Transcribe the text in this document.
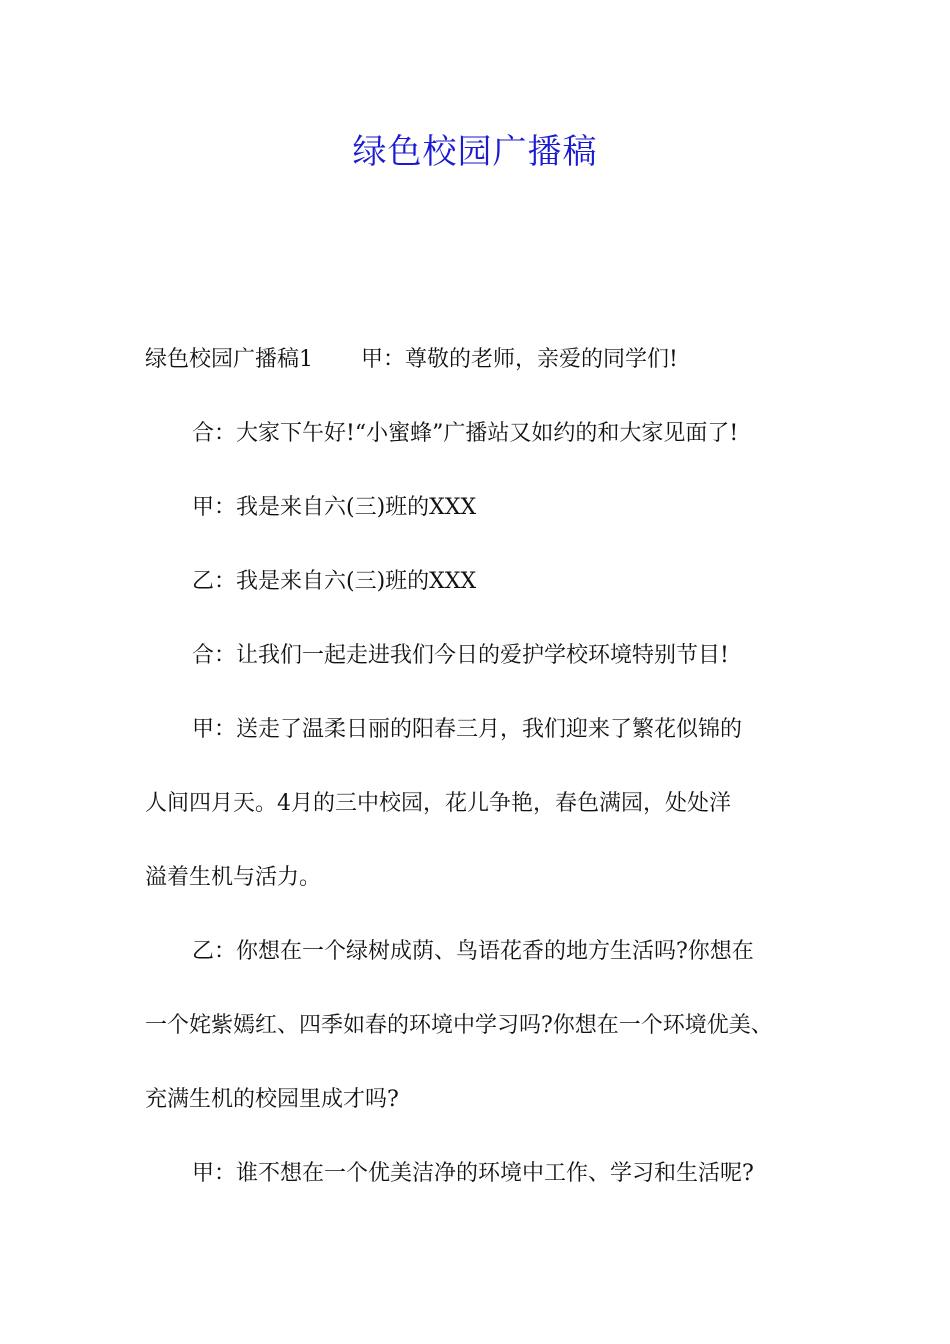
绿色校园广播稿

绿色校园广播稿1 甲：尊敬的老师，亲爱的同学们!

合：大家下午好!“小蜜蜂”广播站又如约的和大家见面了!

甲：我是来自六(三)班的XXX

乙：我是来自六(三)班的XXX

合：让我们一起走进我们今日的爱护学校环境特别节目!

甲：送走了温柔日丽的阳春三月，我们迎来了繁花似锦的

人间四月天。4月的三中校园，花儿争艳，春色满园，处处洋

溢着生机与活力。

乙：你想在一个绿树成荫、鸟语花香的地方生活吗?你想在

一个姹紫嫣红、四季如春的环境中学习吗?你想在一个环境优美、

充满生机的校园里成才吗?

甲：谁不想在一个优美洁净的环境中工作、学习和生活呢?
